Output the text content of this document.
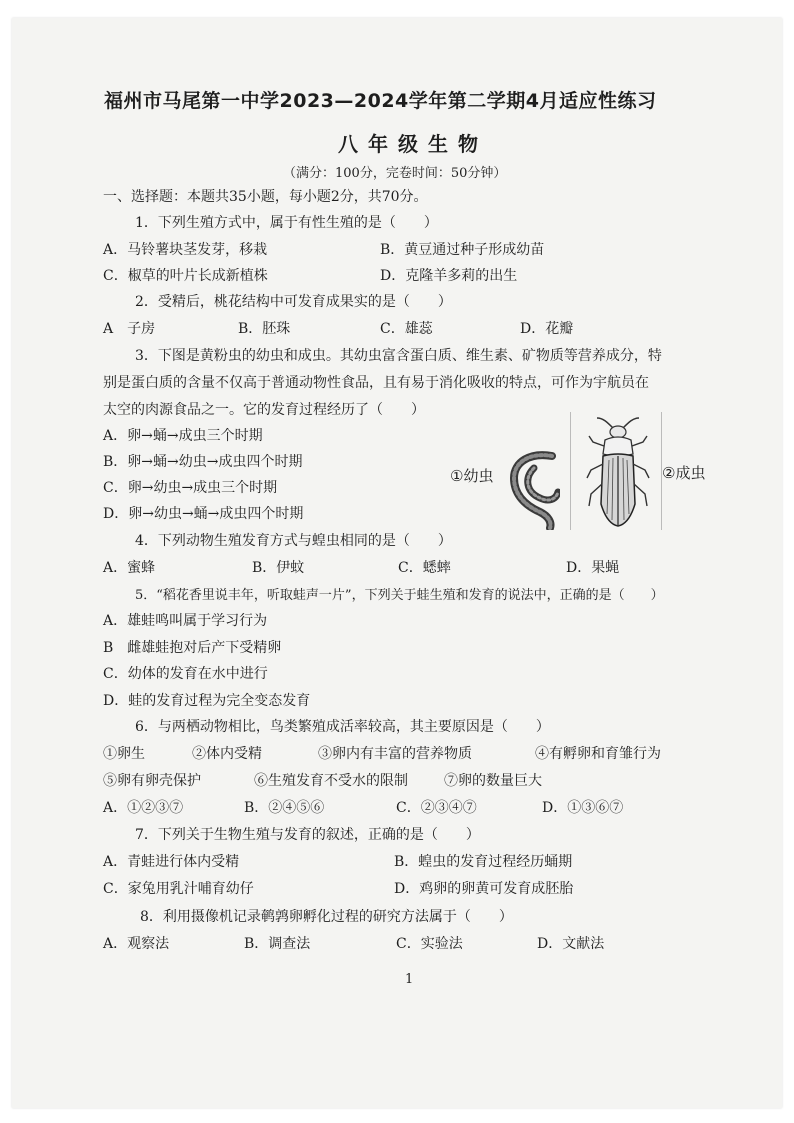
福州市马尾第一中学2023—2024学年第二学期4月适应性练习
八年级生物
（满分：100分，完卷时间：50分钟）
一、选择题：本题共35小题，每小题2分，共70分。
1．下列生殖方式中，属于有性生殖的是（　　）
A．马铃薯块茎发芽，移栽	B．黄豆通过种子形成幼苗
C．椒草的叶片长成新植株	D．克隆羊多莉的出生
2．受精后，桃花结构中可发育成果实的是（　　）
A　子房	B．胚珠	C．雄蕊	D．花瓣
3．下图是黄粉虫的幼虫和成虫。其幼虫富含蛋白质、维生素、矿物质等营养成分，特
别是蛋白质的含量不仅高于普通动物性食品，且有易于消化吸收的特点，可作为宇航员在
太空的肉源食品之一。它的发育过程经历了（　　）
A．卵→蛹→成虫三个时期
B．卵→蛹→幼虫→成虫四个时期
C．卵→幼虫→成虫三个时期
D．卵→幼虫→蛹→成虫四个时期
①幼虫	②成虫
4．下列动物生殖发育方式与蝗虫相同的是（　　）
A．蜜蜂	B．伊蚊	C．蟋蟀	D．果蝇
5．“稻花香里说丰年，听取蛙声一片”，下列关于蛙生殖和发育的说法中，正确的是（　　）
A．雄蛙鸣叫属于学习行为
B　雌雄蛙抱对后产下受精卵
C．幼体的发育在水中进行
D．蛙的发育过程为完全变态发育
6．与两栖动物相比，鸟类繁殖成活率较高，其主要原因是（　　）
①卵生	②体内受精	③卵内有丰富的营养物质	④有孵卵和育雏行为
⑤卵有卵壳保护	⑥生殖发育不受水的限制	⑦卵的数量巨大
A．①②③⑦	B．②④⑤⑥	C．②③④⑦	D．①③⑥⑦
7．下列关于生物生殖与发育的叙述，正确的是（　　）
A．青蛙进行体内受精	B．蝗虫的发育过程经历蛹期
C．家兔用乳汁哺育幼仔	D．鸡卵的卵黄可发育成胚胎
8．利用摄像机记录鹌鹑卵孵化过程的研究方法属于（　　）
A．观察法	B．调查法	C．实验法	D．文献法
1
